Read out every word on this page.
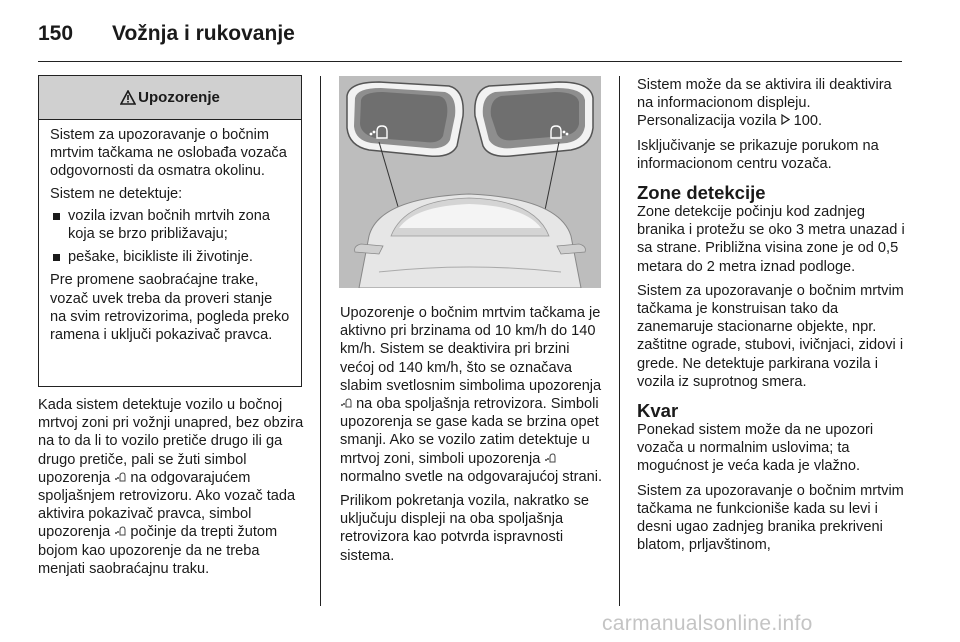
150 Vožnja i rukovanje
Upozorenje

Sistem za upozoravanje o bočnim mrtvim tačkama ne oslobađa vozača odgovornosti da osmatra okolinu.

Sistem ne detektuje:

vozila izvan bočnih mrtvih zona koja se brzo približavaju;
pešake, bicikliste ili životinje.

Pre promene saobraćajne trake, vozač uvek treba da proveri stanje na svim retrovizorima, pogleda preko ramena i uključi pokazivač pravca.

Kada sistem detektuje vozilo u bočnoj mrtvoj zoni pri vožnji unapred, bez obzira na to da li to vozilo pretiče drugo ili ga drugo pretiče, pali se žuti simbol upozorenja na odgovarajućem spoljašnjem retrovizoru. Ako vozač tada aktivira pokazivač pravca, simbol upozorenja počinje da trepti žutom bojom kao upozorenje da ne treba menjati saobraćajnu traku.

Upozorenje o bočnim mrtvim tačkama je aktivno pri brzinama od 10 km/h do 140 km/h. Sistem se deaktivira pri brzini većoj od 140 km/h, što se označava slabim svetlosnim simbolima upozorenja  na oba spoljašnja retrovizora. Simboli upozorenja se gase kada se brzina opet smanji. Ako se vozilo zatim detektuje u mrtvoj zoni, simboli upozorenja  normalno svetle na odgovarajućoj strani.

Prilikom pokretanja vozila, nakratko se uključuju displeji na oba spoljašnja retrovizora kao potvrda ispravnosti sistema.

Sistem može da se aktivira ili deaktivira na informacionom displeju. Personalizacija vozila 100.

Isključivanje se prikazuje porukom na informacionom centru vozača.

Zone detekcije

Zone detekcije počinju kod zadnjeg branika i protežu se oko 3 metra unazad i sa strane. Približna visina zone je od 0,5 metara do 2 metra iznad podloge.

Sistem za upozoravanje o bočnim mrtvim tačkama je konstruisan tako da zanemaruje stacionarne objekte, npr. zaštitne ograde, stubovi, ivičnjaci, zidovi i grede. Ne detektuje parkirana vozila i vozila iz suprotnog smera.

Kvar

Ponekad sistem može da ne upozori vozača u normalnim uslovima; ta mogućnost je veća kada je vlažno.

Sistem za upozoravanje o bočnim mrtvim tačkama ne funkcioniše kada su levi i desni ugao zadnjeg branika prekriveni blatom, prljavštinom,

carmanualsonline.info
